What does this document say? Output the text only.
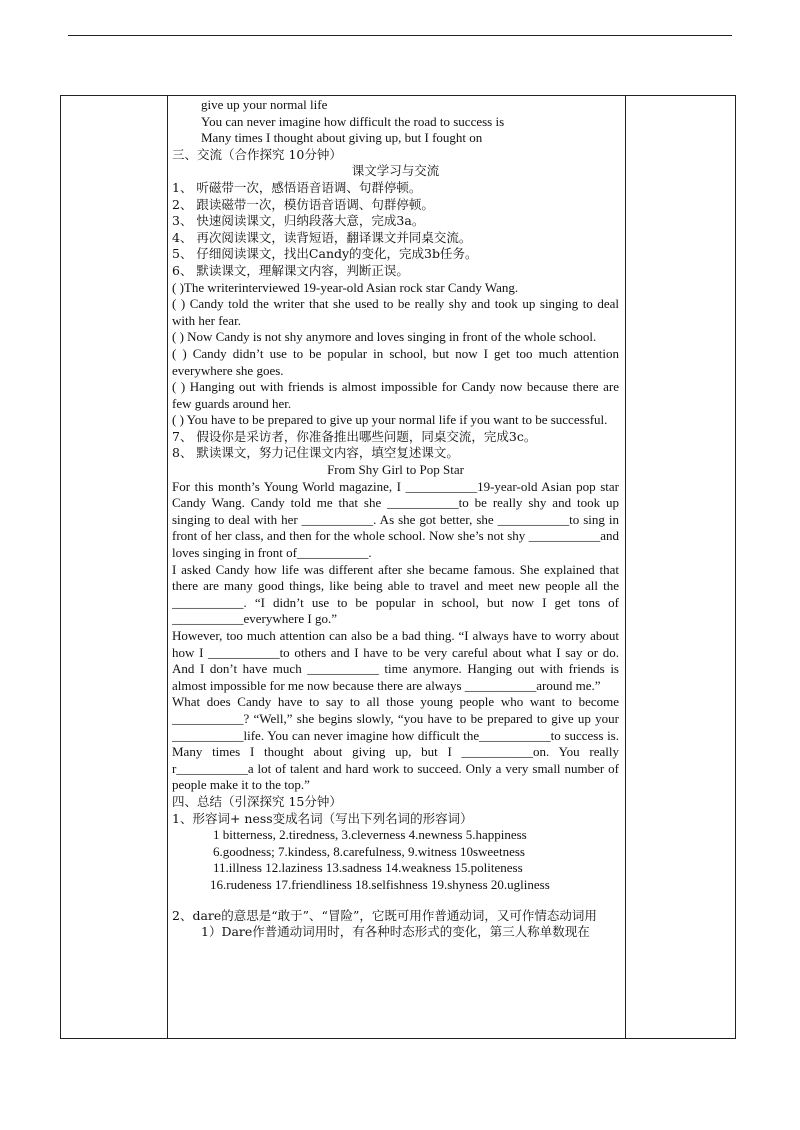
give up your normal life

You can never imagine how difficult the road to success is

Many times I thought about giving up, but I fought on

三、交流（合作探究 10分钟）

课文学习与交流

1、 听磁带一次，感悟语音语调、句群停顿。

2、 跟读磁带一次，模仿语音语调、句群停顿。

3、 快速阅读课文，归纳段落大意，完成3a。

4、 再次阅读课文，读背短语，翻译课文并同桌交流。

5、 仔细阅读课文，找出Candy的变化，完成3b任务。

6、 默读课文，理解课文内容，判断正误。

( )The writerinterviewed 19-year-old Asian rock star Candy Wang.

( ) Candy told the writer that she used to be really shy and took up singing to deal with her fear.

( ) Now Candy is not shy anymore and loves singing in front of the whole school.

( ) Candy didn’t use to be popular in school, but now I get too much attention everywhere she goes.

( ) Hanging out with friends is almost impossible for Candy now because there are few guards around her.

( ) You have to be prepared to give up your normal life if you want to be successful.

7、 假设你是采访者，你准备推出哪些问题，同桌交流，完成3c。

8、 默读课文，努力记住课文内容，填空复述课文。

From Shy Girl to Pop Star

For this month’s Young World magazine, I ___________19-year-old Asian pop star Candy Wang. Candy told me that she ___________to be really shy and took up singing to deal with her ___________. As she got better, she ___________to sing in front of her class, and then for the whole school. Now she’s not shy ___________and loves singing in front of___________.

I asked Candy how life was different after she became famous. She explained that there are many good things, like being able to travel and meet new people all the ___________. “I didn’t use to be popular in school, but now I get tons of ___________everywhere I go.”

However, too much attention can also be a bad thing. “I always have to worry about how I ___________to others and I have to be very careful about what I say or do. And I don’t have much ___________ time anymore. Hanging out with friends is almost impossible for me now because there are always ___________around me.”

What does Candy have to say to all those young people who want to become ___________? “Well,” she begins slowly, “you have to be prepared to give up your ___________life. You can never imagine how difficult the___________to success is. Many times I thought about giving up, but I ___________on. You really r___________a lot of talent and hard work to succeed. Only a very small number of people make it to the top.”

四、总结（引深探究 15分钟）

1、形容词+ ness变成名词（写出下列名词的形容词）

1 bitterness, 2.tiredness, 3.cleverness 4.newness 5.happiness

6.goodness; 7.kindess, 8.carefulness, 9.witness 10sweetness

11.illness 12.laziness 13.sadness 14.weakness 15.politeness

16.rudeness 17.friendliness 18.selfishness 19.shyness 20.ugliness

2、dare的意思是“敢于”、“冒险”，它既可用作普通动词，又可作情态动词用

1）Dare作普通动词用时，有各种时态形式的变化，第三人称单数现在
